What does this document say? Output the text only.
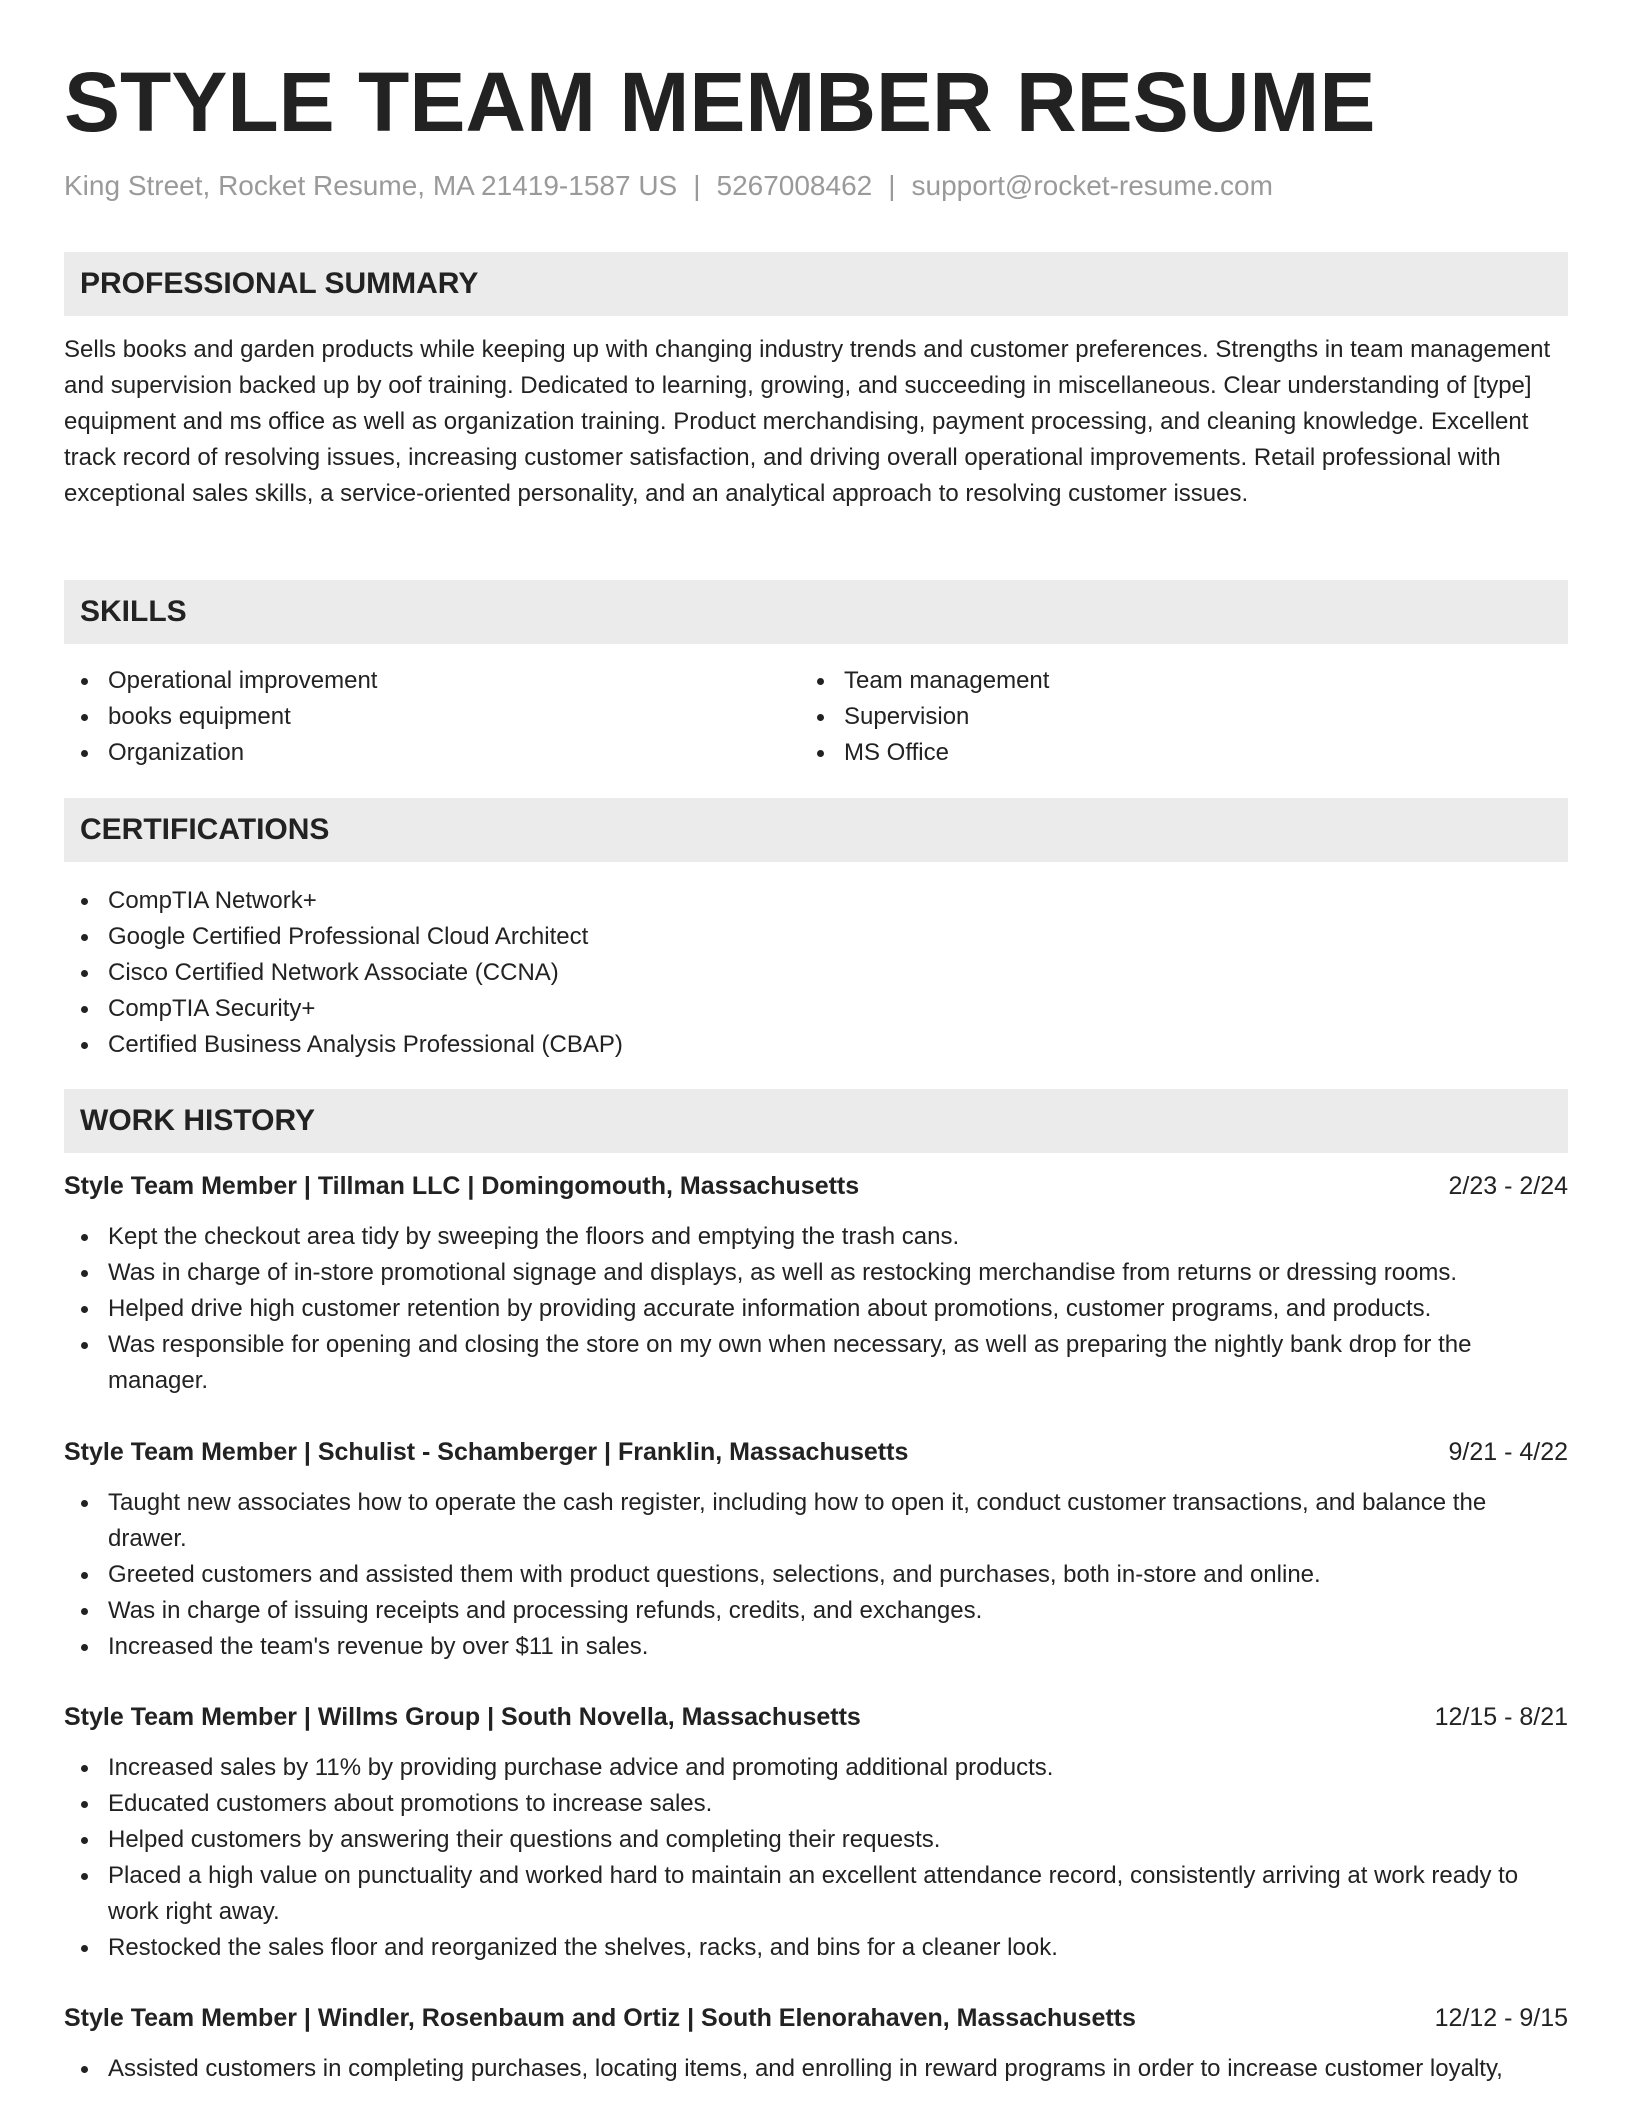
STYLE TEAM MEMBER RESUME
King Street, Rocket Resume, MA 21419-1587 US | 5267008462 | support@rocket-resume.com
PROFESSIONAL SUMMARY

Sells books and garden products while keeping up with changing industry trends and customer preferences. Strengths in team management and supervision backed up by oof training. Dedicated to learning, growing, and succeeding in miscellaneous. Clear understanding of [type] equipment and ms office as well as organization training. Product merchandising, payment processing, and cleaning knowledge. Excellent track record of resolving issues, increasing customer satisfaction, and driving overall operational improvements. Retail professional with exceptional sales skills, a service-oriented personality, and an analytical approach to resolving customer issues.

SKILLS
Operational improvement
books equipment
Organization
Team management
Supervision
MS Office
CERTIFICATIONS
CompTIA Network+
Google Certified Professional Cloud Architect
Cisco Certified Network Associate (CCNA)
CompTIA Security+
Certified Business Analysis Professional (CBAP)
WORK HISTORY
Style Team Member | Tillman LLC | Domingomouth, Massachusetts	2/23 - 2/24
Kept the checkout area tidy by sweeping the floors and emptying the trash cans.
Was in charge of in-store promotional signage and displays, as well as restocking merchandise from returns or dressing rooms.
Helped drive high customer retention by providing accurate information about promotions, customer programs, and products.
Was responsible for opening and closing the store on my own when necessary, as well as preparing the nightly bank drop for the manager.
Style Team Member | Schulist - Schamberger | Franklin, Massachusetts	9/21 - 4/22
Taught new associates how to operate the cash register, including how to open it, conduct customer transactions, and balance the drawer.
Greeted customers and assisted them with product questions, selections, and purchases, both in-store and online.
Was in charge of issuing receipts and processing refunds, credits, and exchanges.
Increased the team's revenue by over $11 in sales.
Style Team Member | Willms Group | South Novella, Massachusetts	12/15 - 8/21
Increased sales by 11% by providing purchase advice and promoting additional products.
Educated customers about promotions to increase sales.
Helped customers by answering their questions and completing their requests.
Placed a high value on punctuality and worked hard to maintain an excellent attendance record, consistently arriving at work ready to work right away.
Restocked the sales floor and reorganized the shelves, racks, and bins for a cleaner look.
Style Team Member | Windler, Rosenbaum and Ortiz | South Elenorahaven, Massachusetts	12/12 - 9/15
Assisted customers in completing purchases, locating items, and enrolling in reward programs in order to increase customer loyalty,
